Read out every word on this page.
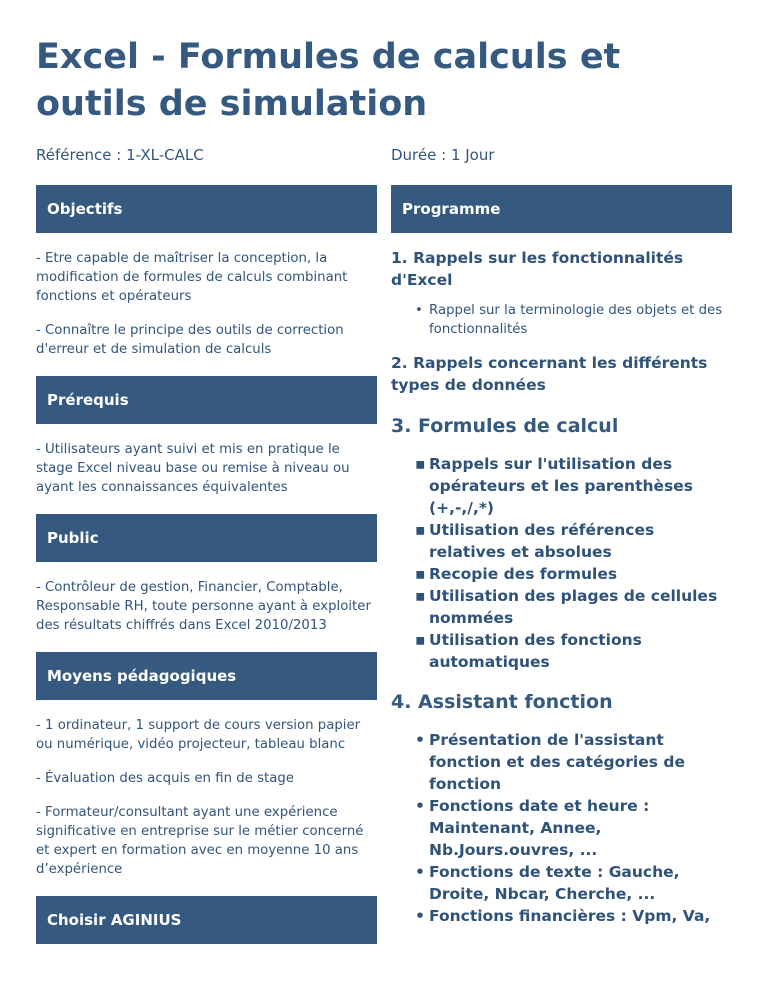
Excel - Formules de calculs et outils de simulation
Référence : 1-XL-CALC	Durée : 1 Jour
Objectifs

- Etre capable de maîtriser la conception, la modification de formules de calculs combinant fonctions et opérateurs

- Connaître le principe des outils de correction d'erreur et de simulation de calculs

Prérequis

- Utilisateurs ayant suivi et mis en pratique le stage Excel niveau base ou remise à niveau ou ayant les connaissances équivalentes

Public

- Contrôleur de gestion, Financier, Comptable, Responsable RH, toute personne ayant à exploiter des résultats chiffrés dans Excel 2010/2013

Moyens pédagogiques

- 1 ordinateur, 1 support de cours version papier ou numérique, vidéo projecteur, tableau blanc

- Évaluation des acquis en fin de stage

- Formateur/consultant ayant une expérience significative en entreprise sur le métier concerné et expert en formation avec en moyenne 10 ans d’expérience

Choisir AGINIUS
Programme

1. Rappels sur les fonctionnalités d'Excel

• Rappel sur la terminologie des objets et des fonctionnalités

2. Rappels concernant les différents types de données

3. Formules de calcul

▪ Rappels sur l'utilisation des opérateurs et les parenthèses (+,-,/,*)
▪ Utilisation des références relatives et absolues
▪ Recopie des formules
▪ Utilisation des plages de cellules nommées
▪ Utilisation des fonctions automatiques

4. Assistant fonction

• Présentation de l'assistant fonction et des catégories de fonction
• Fonctions date et heure : Maintenant, Annee, Nb.Jours.ouvres, ...
• Fonctions de texte : Gauche, Droite, Nbcar, Cherche, ...
• Fonctions financières : Vpm, Va,
